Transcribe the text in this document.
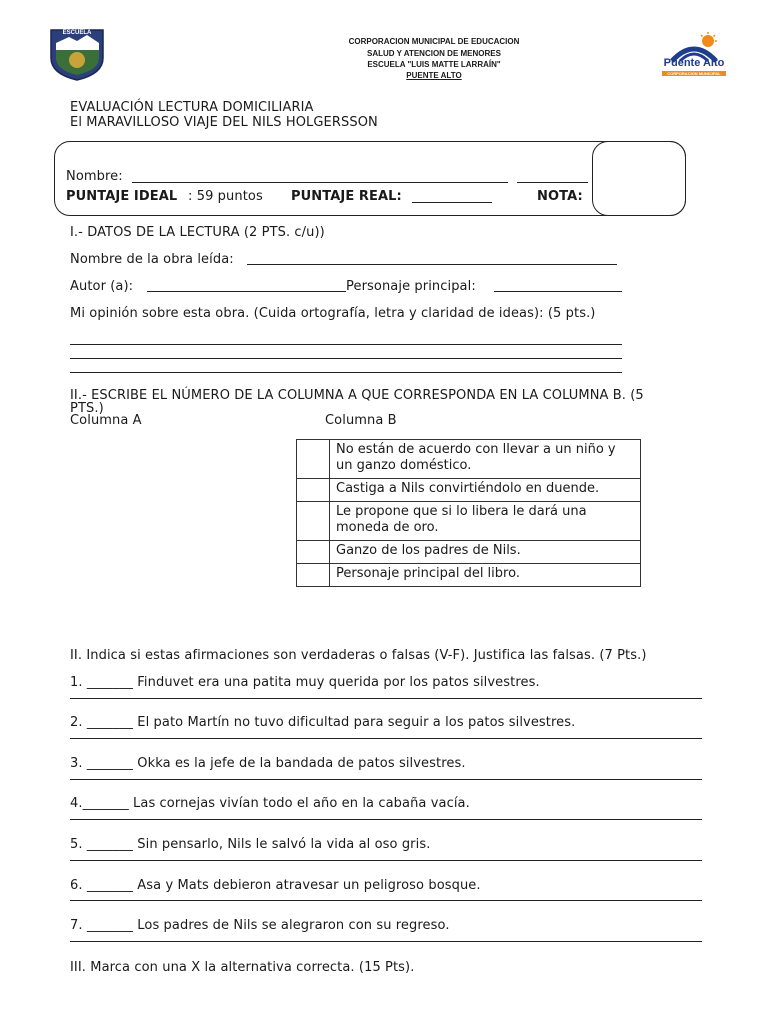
ESCUELA
CORPORACION MUNICIPAL DE EDUCACION
SALUD Y ATENCION DE MENORES
ESCUELA "LUIS MATTE LARRAÍN"
PUENTE ALTO
Puente Alto
CORPORACION MUNICIPAL
EVALUACIÓN LECTURA DOMICILIARIA
El MARAVILLOSO VIAJE DEL NILS HOLGERSSON
Nombre:
PUNTAJE IDEAL : 59 puntos PUNTAJE REAL:	NOTA:
I.- DATOS DE LA LECTURA (2 PTS. c/u))
Nombre de la obra leída:
Autor (a):	Personaje principal:
Mi opinión sobre esta obra. (Cuida ortografía, letra y claridad de ideas): (5 pts.)
II.- ESCRIBE EL NÚMERO DE LA COLUMNA A QUE CORRESPONDA EN LA COLUMNA B. (5
PTS.)
Columna A	Columna B
	No están de acuerdo con llevar a un niño y un ganzo doméstico.
	Castiga a Nils convirtiéndolo en duende.
	Le propone que si lo libera le dará una moneda de oro.
	Ganzo de los padres de Nils.
	Personaje principal del libro.
II. Indica si estas afirmaciones son verdaderas o falsas (V-F). Justifica las falsas. (7 Pts.)
1. _______ Finduvet era una patita muy querida por los patos silvestres.
2. _______ El pato Martín no tuvo dificultad para seguir a los patos silvestres.
3. _______ Okka es la jefe de la bandada de patos silvestres.
4._______ Las cornejas vivían todo el año en la cabaña vacía.
5. _______ Sin pensarlo, Nils le salvó la vida al oso gris.
6. _______ Asa y Mats debieron atravesar un peligroso bosque.
7. _______ Los padres de Nils se alegraron con su regreso.
III. Marca con una X la alternativa correcta. (15 Pts).
